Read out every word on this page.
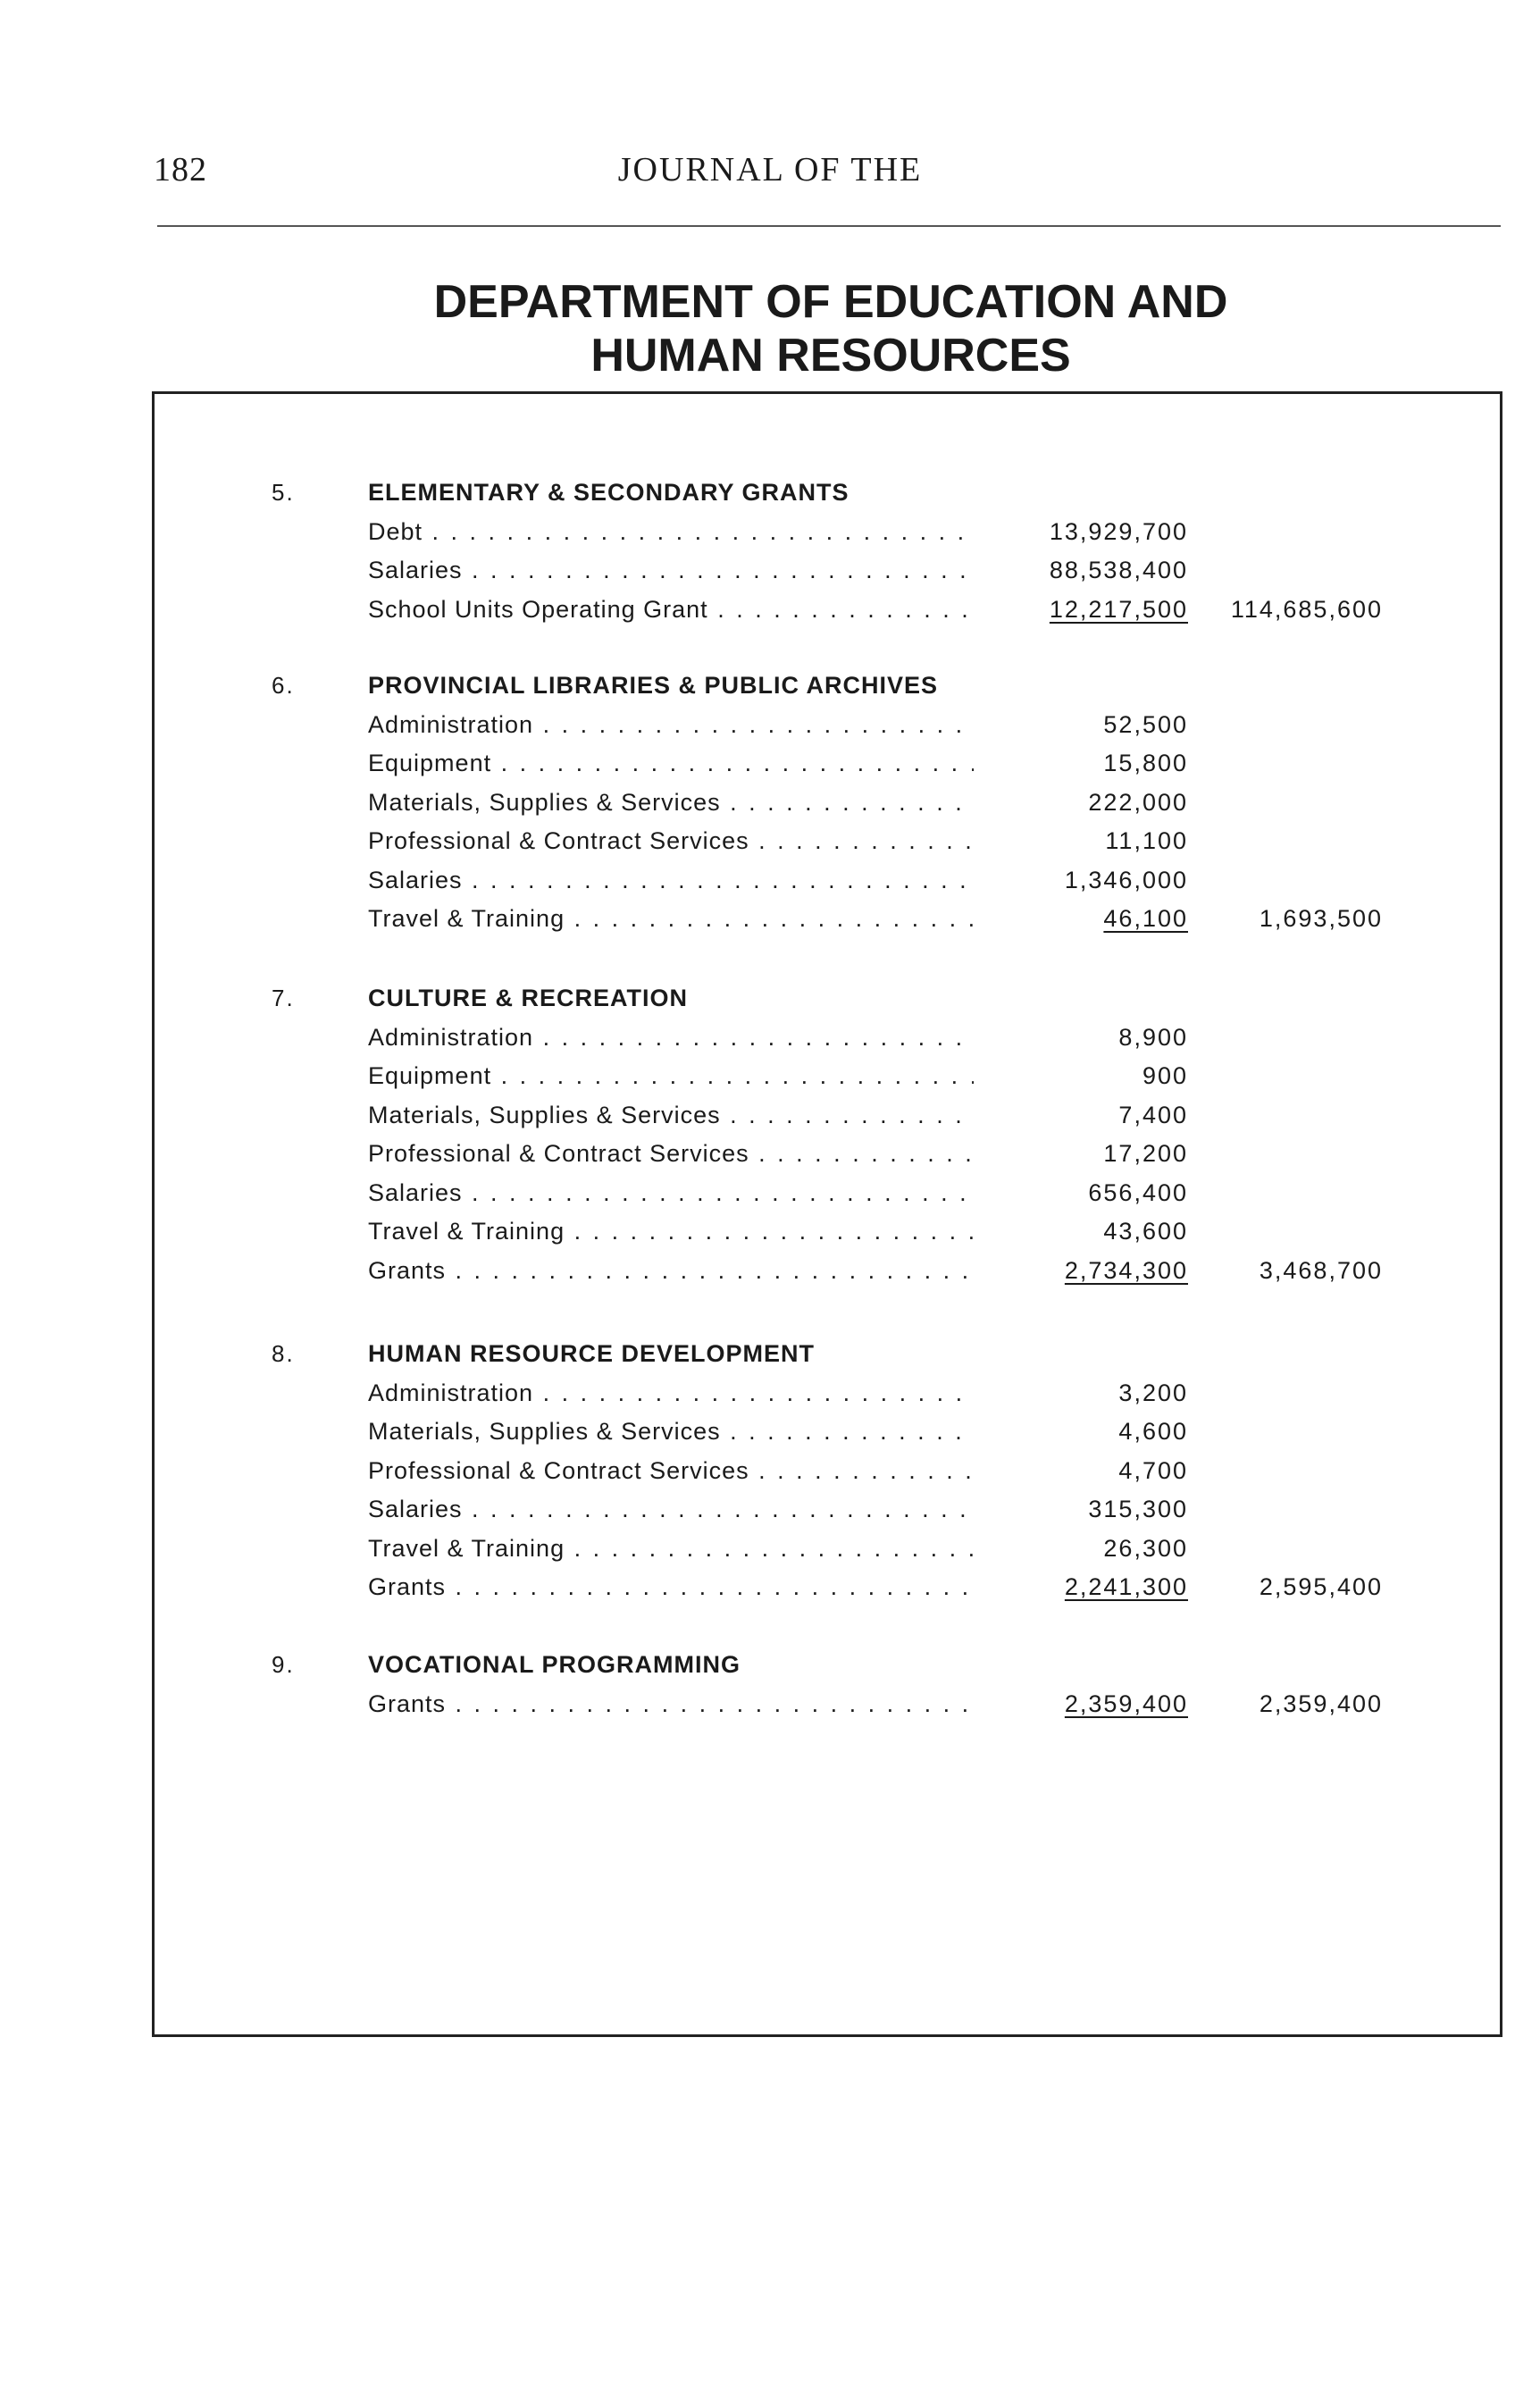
182	JOURNAL OF THE
DEPARTMENT OF EDUCATION AND
HUMAN RESOURCES
5.	ELEMENTARY & SECONDARY GRANTS
Debt . . .	13,929,700
Salaries . . .	88,538,400
School Units Operating Grant . . .	12,217,500 114,685,600
6.	PROVINCIAL LIBRARIES & PUBLIC ARCHIVES
Administration . . .	52,500
Equipment . . .	15,800
Materials, Supplies & Services . . .	222,000
Professional & Contract Services . . .	11,100
Salaries . . .	1,346,000
Travel & Training . . .	46,100	1,693,500
7.	CULTURE & RECREATION
Administration . . .	8,900
Equipment . . .	900
Materials, Supplies & Services . . .	7,400
Professional & Contract Services . . .	17,200
Salaries . . .	656,400
Travel & Training . . .	43,600
Grants . . .	2,734,300	3,468,700
8.	HUMAN RESOURCE DEVELOPMENT
Administration . . .	3,200
Materials, Supplies & Services . . .	4,600
Professional & Contract Services . . .	4,700
Salaries . . .	315,300
Travel & Training . . .	26,300
Grants . . .	2,241,300	2,595,400
9.	VOCATIONAL PROGRAMMING
Grants . . .	2,359,400	2,359,400
